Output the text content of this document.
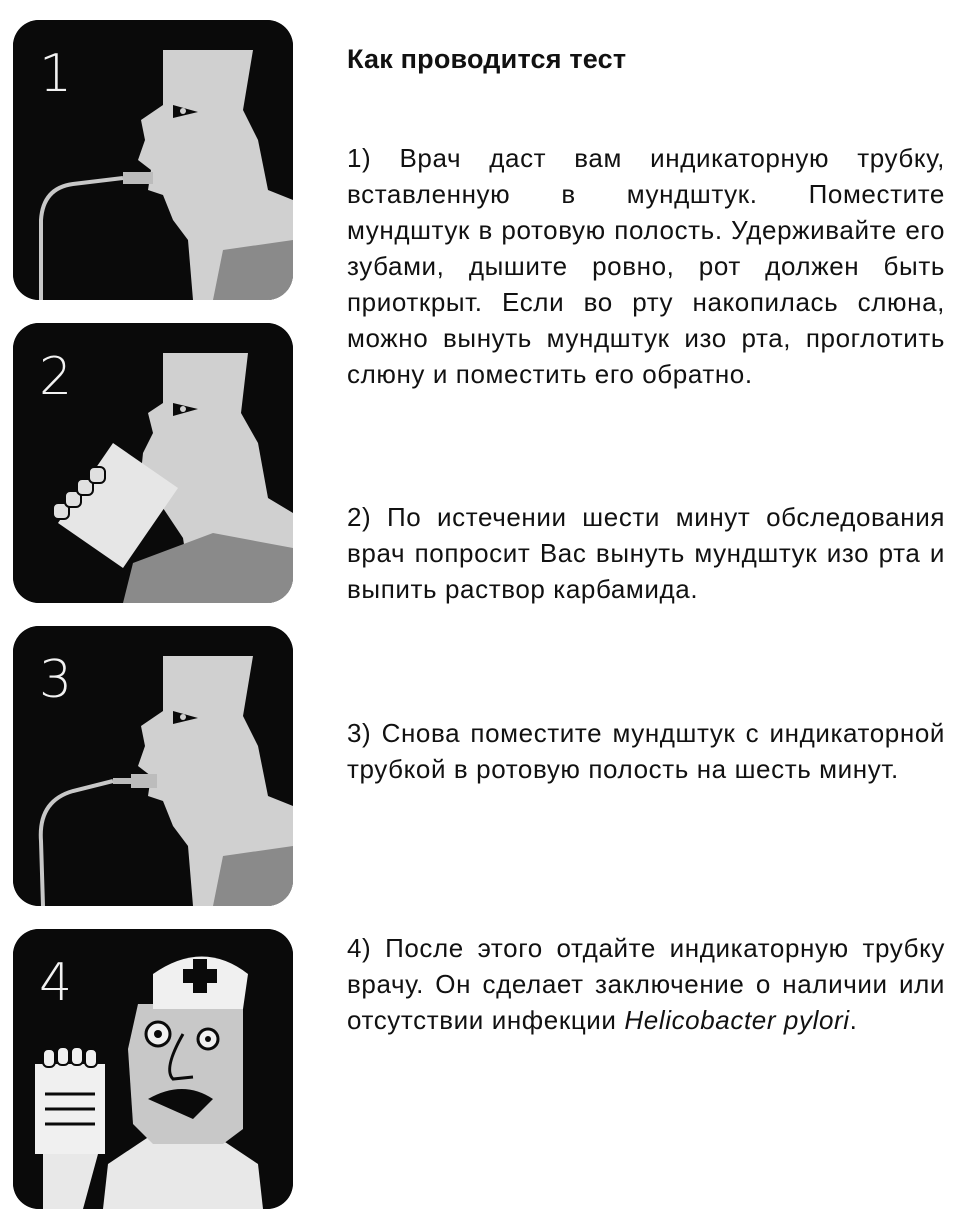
1
2
3
4
Как проводится тест

1) Врач даст вам индикаторную трубку, вставленную в мундштук. Поместите мундштук в ротовую полость. Удерживайте его зубами, дышите ровно, рот должен быть приоткрыт. Если во рту накопилась слюна, можно вынуть мундштук изо рта, проглотить слюну и поместить его обратно.

2) По истечении шести минут обследования врач попросит Вас вынуть мундштук изо рта и выпить раствор карбамида.

3) Снова поместите мундштук с индикаторной трубкой в ротовую полость на шесть минут.

4) После этого отдайте индикаторную трубку врачу. Он сделает заключение о наличии или отсутствии инфекции Helicobacter pylori.
